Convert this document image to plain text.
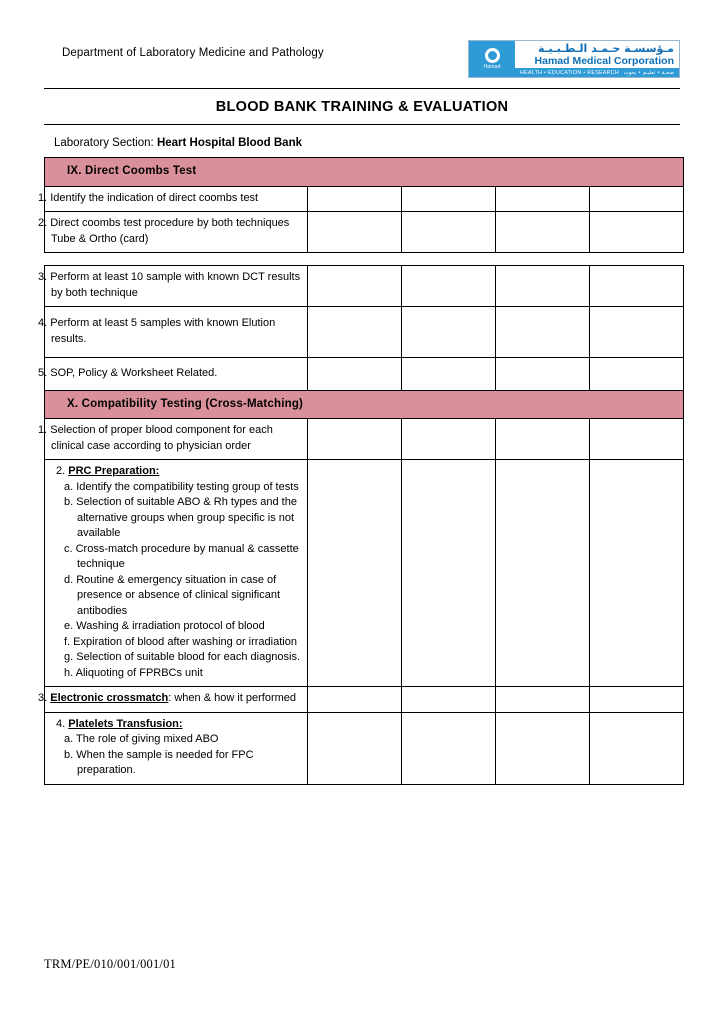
Department of Laboratory Medicine and Pathology
Hamad
مـؤسسـة حـمـد الـطـبـيـة
Hamad Medical Corporation
HEALTH • EDUCATION • RESEARCH صحـة • تعليـم • بحوث
BLOOD BANK TRAINING & EVALUATION
Laboratory Section: Heart Hospital Blood Bank
IX. Direct Coombs Test				
1. Identify the indication of direct coombs test				
2. Direct coombs test procedure by both techniques Tube & Ortho (card)				
3. Perform at least 10 sample with known DCT results by both technique				
4. Perform at least 5 samples with known Elution results.				
5. SOP, Policy & Worksheet Related.				
X. Compatibility Testing (Cross-Matching)				
1. Selection of proper blood component for each clinical case according to physician order				

2. PRC Preparation:
a. Identify the compatibility testing group of tests
b. Selection of suitable ABO & Rh types and the alternative groups when group specific is not available
c. Cross-match procedure by manual & cassette technique
d. Routine & emergency situation in case of presence or absence of clinical significant antibodies
e. Washing & irradiation protocol of blood
f. Expiration of blood after washing or irradiation
g. Selection of suitable blood for each diagnosis.
h. Aliquoting of FPRBCs unit

3. Electronic crossmatch: when & how it performed				

4. Platelets Transfusion:
a. The role of giving mixed ABO
b. When the sample is needed for FPC preparation.				

TRM/PE/010/001/001/01
